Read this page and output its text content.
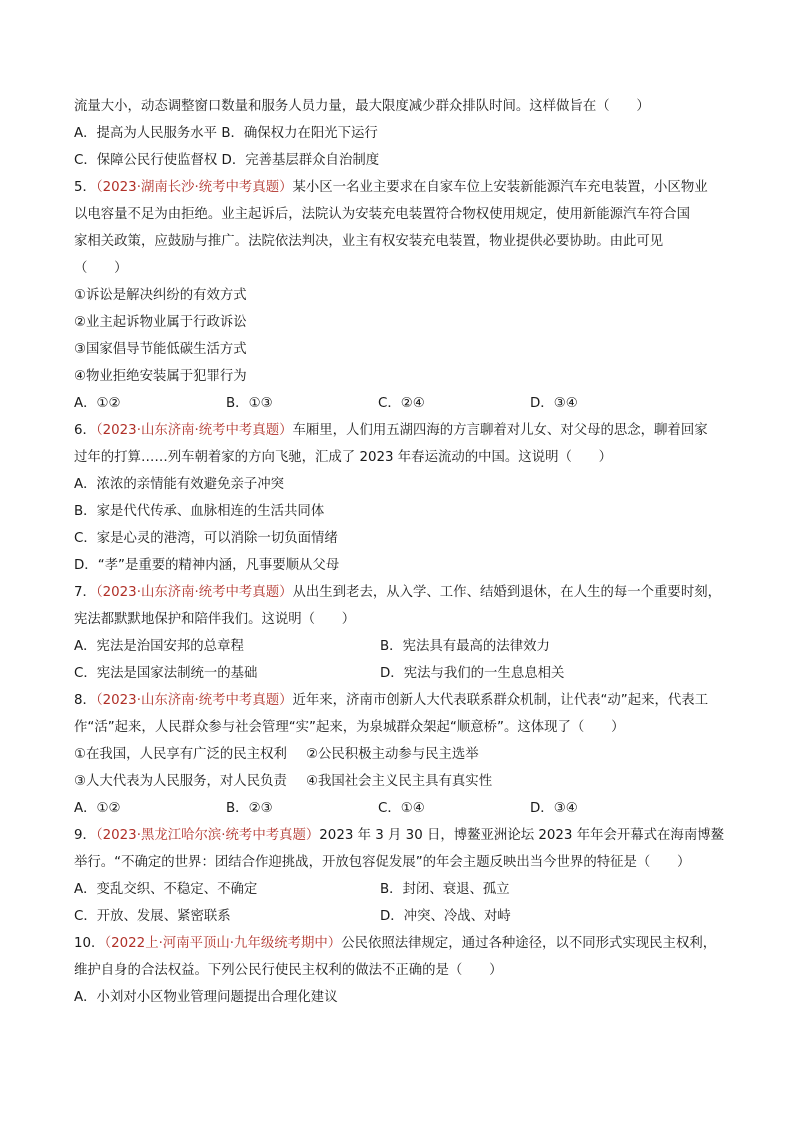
流量大小，动态调整窗口数量和服务人员力量，最大限度减少群众排队时间。这样做旨在（　　）
A．提高为人民服务水平 B．确保权力在阳光下运行
C．保障公民行使监督权 D．完善基层群众自治制度
5．（2023·湖南长沙·统考中考真题）某小区一名业主要求在自家车位上安装新能源汽车充电装置，小区物业
以电容量不足为由拒绝。业主起诉后，法院认为安装充电装置符合物权使用规定，使用新能源汽车符合国
家相关政策，应鼓励与推广。法院依法判决，业主有权安装充电装置，物业提供必要协助。由此可见
（　　）
①诉讼是解决纠纷的有效方式
②业主起诉物业属于行政诉讼
③国家倡导节能低碳生活方式
④物业拒绝安装属于犯罪行为
A．①②	B．①③	C．②④	D．③④
6．（2023·山东济南·统考中考真题）车厢里，人们用五湖四海的方言聊着对儿女、对父母的思念，聊着回家
过年的打算……列车朝着家的方向飞驰，汇成了 2023 年春运流动的中国。这说明（　　）
A．浓浓的亲情能有效避免亲子冲突
B．家是代代传承、血脉相连的生活共同体
C．家是心灵的港湾，可以消除一切负面情绪
D．“孝”是重要的精神内涵，凡事要顺从父母
7．（2023·山东济南·统考中考真题）从出生到老去，从入学、工作、结婚到退休，在人生的每一个重要时刻，
宪法都默默地保护和陪伴我们。这说明（　　）
A．宪法是治国安邦的总章程	B．宪法具有最高的法律效力
C．宪法是国家法制统一的基础	D．宪法与我们的一生息息相关
8．（2023·山东济南·统考中考真题）近年来，济南市创新人大代表联系群众机制，让代表“动”起来，代表工
作“活”起来，人民群众参与社会管理“实”起来，为泉城群众架起“顺意桥”。这体现了（　　）
①在我国，人民享有广泛的民主权利	②公民积极主动参与民主选举
③人大代表为人民服务，对人民负责	④我国社会主义民主具有真实性
A．①②	B．②③	C．①④	D．③④
9．（2023·黑龙江哈尔滨·统考中考真题）2023 年 3 月 30 日，博鳌亚洲论坛 2023 年年会开幕式在海南博鳌
举行。“不确定的世界：团结合作迎挑战，开放包容促发展”的年会主题反映出当今世界的特征是（　　）
A．变乱交织、不稳定、不确定	B．封闭、衰退、孤立
C．开放、发展、紧密联系	D．冲突、冷战、对峙
10．（2022上·河南平顶山·九年级统考期中）公民依照法律规定，通过各种途径，以不同形式实现民主权利，
维护自身的合法权益。下列公民行使民主权利的做法不正确的是（　　）
A．小刘对小区物业管理问题提出合理化建议
